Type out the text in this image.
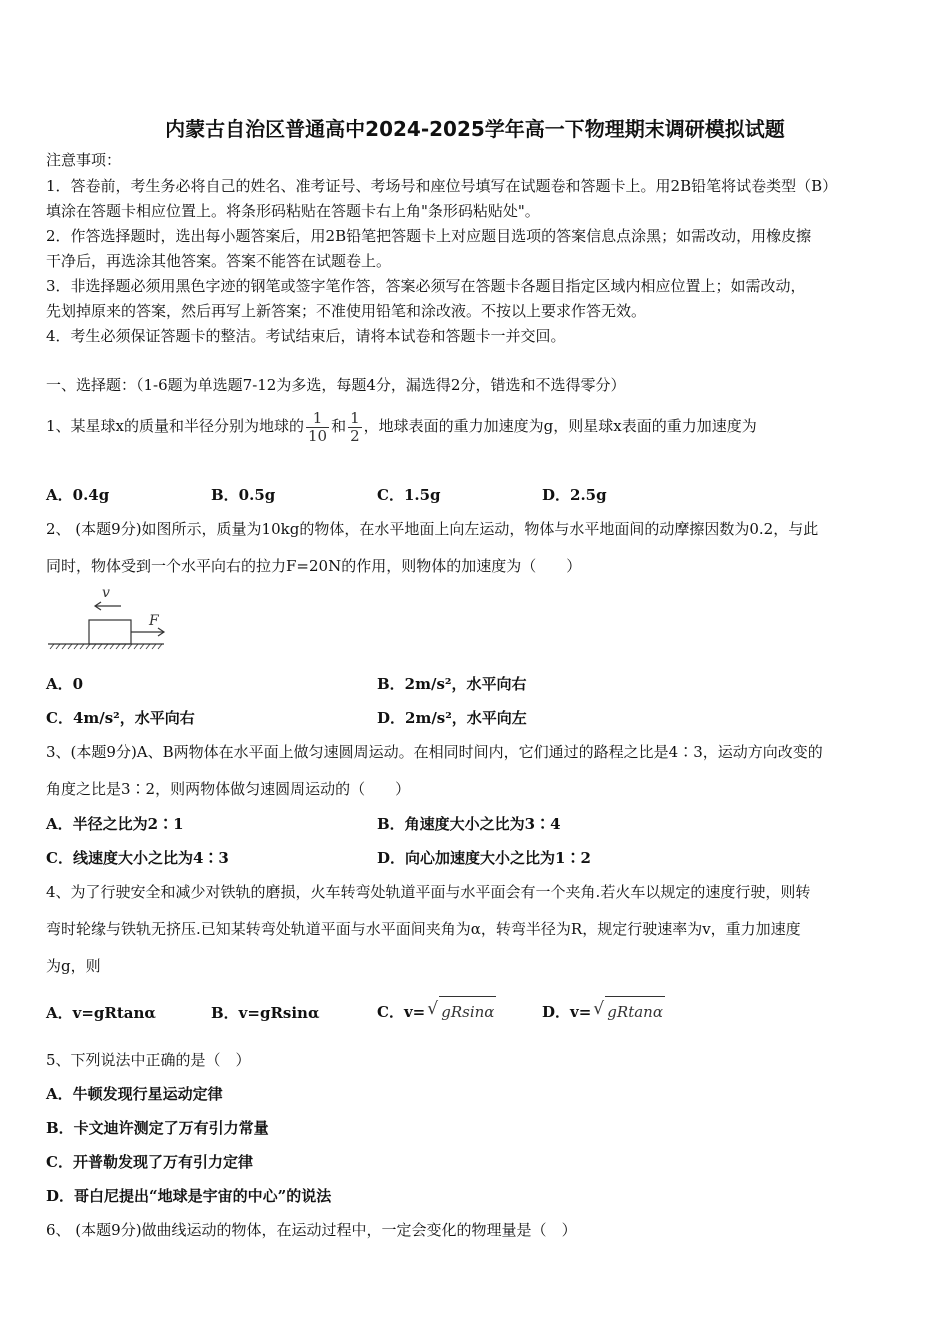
内蒙古自治区普通高中2024-2025学年高一下物理期末调研模拟试题
注意事项：
1．答卷前，考生务必将自己的姓名、准考证号、考场号和座位号填写在试题卷和答题卡上。用2B铅笔将试卷类型（B）
填涂在答题卡相应位置上。将条形码粘贴在答题卡右上角"条形码粘贴处"。
2．作答选择题时，选出每小题答案后，用2B铅笔把答题卡上对应题目选项的答案信息点涂黑；如需改动，用橡皮擦
干净后，再选涂其他答案。答案不能答在试题卷上。
3．非选择题必须用黑色字迹的钢笔或签字笔作答，答案必须写在答题卡各题目指定区域内相应位置上；如需改动，
先划掉原来的答案，然后再写上新答案；不准使用铅笔和涂改液。不按以上要求作答无效。
4．考生必须保证答题卡的整洁。考试结束后，请将本试卷和答题卡一并交回。
一、选择题：（1-6题为单选题7-12为多选，每题4分，漏选得2分，错选和不选得零分）
1、某星球x的质量和半径分别为地球的 $\frac{1}{10}$ 和 $\frac{1}{2}$ ，地球表面的重力加速度为g，则星球x表面的重力加速度为
A．0.4g	B．0.5g	C．1.5g	D．2.5g
2、 (本题9分)如图所示，质量为10kg的物体，在水平地面上向左运动，物体与水平地面间的动摩擦因数为0.2，与此
同时，物体受到一个水平向右的拉力F=20N的作用，则物体的加速度为（　　）
v
F
A．0	B．2m/s²，水平向右
C．4m/s²，水平向右	D．2m/s²，水平向左
3、(本题9分)A、B两物体在水平面上做匀速圆周运动。在相同时间内，它们通过的路程之比是4∶3，运动方向改变的
角度之比是3∶2，则两物体做匀速圆周运动的（　　）
A．半径之比为2∶1	B．角速度大小之比为3∶4
C．线速度大小之比为4∶3	D．向心加速度大小之比为1∶2
4、为了行驶安全和减少对铁轨的磨损，火车转弯处轨道平面与水平面会有一个夹角.若火车以规定的速度行驶，则转
弯时轮缘与铁轨无挤压.已知某转弯处轨道平面与水平面间夹角为α，转弯半径为R，规定行驶速率为v，重力加速度
为g，则
A．v=gRtanα	B．v=gRsinα	C．v= √ gRsinα	D．v= √ gRtanα
5、下列说法中正确的是（　）
A．牛顿发现行星运动定律
B．卡文迪许测定了万有引力常量
C．开普勒发现了万有引力定律
D．哥白尼提出“地球是宇宙的中心”的说法
6、 (本题9分)做曲线运动的物体，在运动过程中，一定会变化的物理量是（　）
